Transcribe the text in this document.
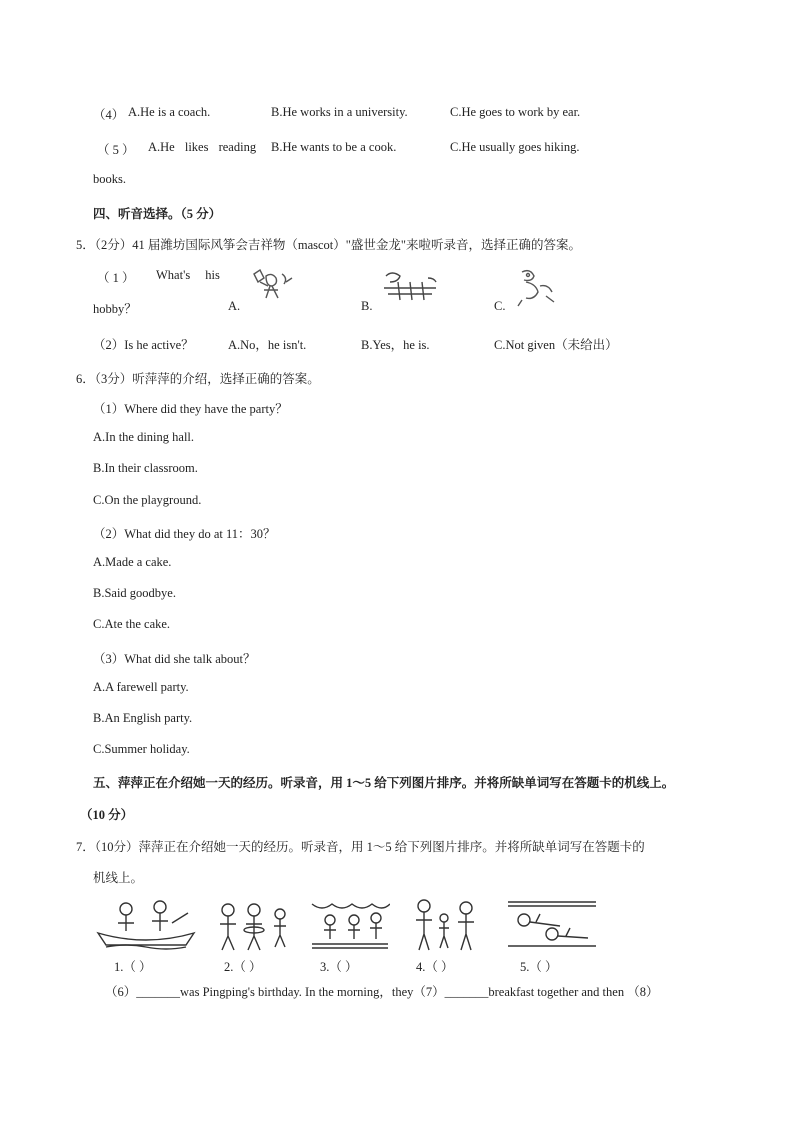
（4） A.He is a coach.	B.He works in a university.	C.He goes to work by ear.
（ 5 ） A.He likes reading B.He wants to be a cook.	C.He usually goes hiking.
books.
四、听音选择。（5 分）
5．（2分）41 届潍坊国际风筝会吉祥物（mascot）"盛世金龙"来啦听录音，选择正确的答案。
（ 1 ） What's his
hobby？	A.	B.	C.
（2）Is he active？	A.No，he isn't.	B.Yes，he is.	C.Not given（未给出）
6．（3分）听萍萍的介绍，选择正确的答案。
（1）Where did they have the party？
A.In the dining hall.
B.In their classroom.
C.On the playground.
（2）What did they do at 11：30？
A.Made a cake.
B.Said goodbye.
C.Ate the cake.
（3）What did she talk about？
A.A farewell party.
B.An English party.
C.Summer holiday.
五、萍萍正在介绍她一天的经历。听录音，用 1～5 给下列图片排序。并将所缺单词写在答题卡的机线上。
（10 分）
7．（10分）萍萍正在介绍她一天的经历。听录音，用 1～5 给下列图片排序。并将所缺单词写在答题卡的
机线上。
1.（ ）	2.（ ）	3.（ ）	4.（ ）	5.（ ）
（6）_______was Pingping's birthday. In the morning，they（7）_______breakfast together and then （8）
